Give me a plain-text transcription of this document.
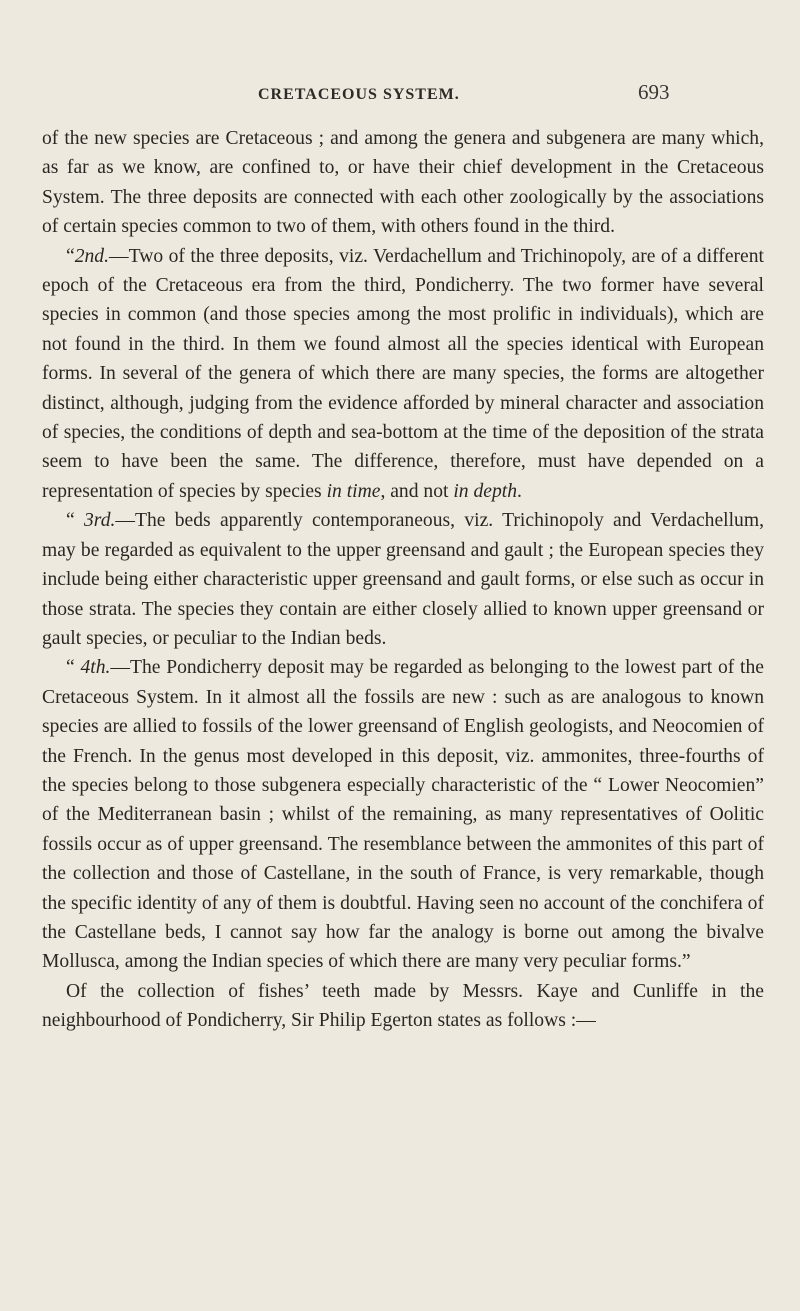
CRETACEOUS SYSTEM.	693

of the new species are Cretaceous ; and among the genera and subgenera are many which, as far as we know, are confined to, or have their chief development in the Cretaceous System. The three deposits are connected with each other zoologically by the associations of certain species common to two of them, with others found in the third.

“2nd.—Two of the three deposits, viz. Verdachellum and Trichinopoly, are of a different epoch of the Cretaceous era from the third, Pondicherry. The two former have several species in common (and those species among the most prolific in individuals), which are not found in the third. In them we found almost all the species identical with European forms. In several of the genera of which there are many species, the forms are altogether distinct, although, judging from the evidence afforded by mineral character and association of species, the conditions of depth and sea-bottom at the time of the deposition of the strata seem to have been the same. The difference, therefore, must have depended on a representation of species by species in time, and not in depth.

“ 3rd.—The beds apparently contemporaneous, viz. Trichinopoly and Verdachellum, may be regarded as equivalent to the upper greensand and gault ; the European species they include being either characteristic upper greensand and gault forms, or else such as occur in those strata. The species they contain are either closely allied to known upper greensand or gault species, or peculiar to the Indian beds.

“ 4th.—The Pondicherry deposit may be regarded as belonging to the lowest part of the Cretaceous System. In it almost all the fossils are new : such as are analogous to known species are allied to fossils of the lower greensand of English geologists, and Neocomien of the French. In the genus most developed in this deposit, viz. ammonites, three-fourths of the species belong to those subgenera especially characteristic of the “ Lower Neocomien” of the Mediterranean basin ; whilst of the remaining, as many representatives of Oolitic fossils occur as of upper greensand. The resemblance between the ammonites of this part of the collection and those of Castellane, in the south of France, is very remarkable, though the specific identity of any of them is doubtful. Having seen no account of the conchifera of the Castellane beds, I cannot say how far the analogy is borne out among the bivalve Mollusca, among the Indian species of which there are many very peculiar forms.”

Of the collection of fishes’ teeth made by Messrs. Kaye and Cunliffe in the neighbourhood of Pondicherry, Sir Philip Egerton states as follows :—
